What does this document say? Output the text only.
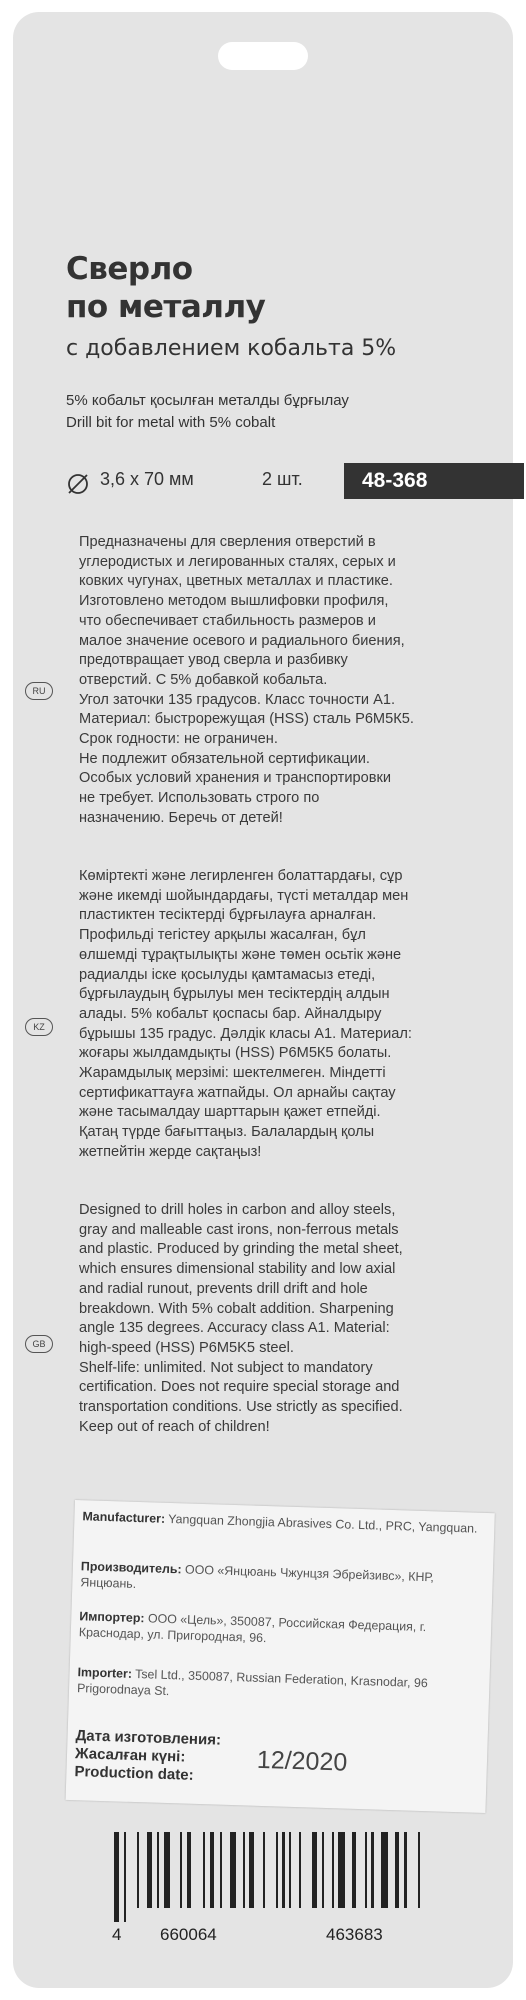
Сверло
по металлу
с добавлением кобальта 5%
5% кобальт қосылған металды бұрғылау
Drill bit for metal with 5% cobalt
3,6 х 70 мм	2 шт.	48-368

Предназначены для сверления отверстий в
углеродистых и легированных сталях, серых и
ковких чугунах, цветных металлах и пластике.
Изготовлено методом вышлифовки профиля,
что обеспечивает стабильность размеров и
малое значение осевого и радиального биения,
предотвращает увод сверла и разбивку
отверстий. С 5% добавкой кобальта.
Угол заточки 135 градусов. Класс точности А1.
Материал: быстрорежущая (HSS) сталь Р6М5К5.
Срок годности: не ограничен.
Не подлежит обязательной сертификации.
Особых условий хранения и транспортировки
не требует. Использовать строго по
назначению. Беречь от детей!

RU

Көміртекті және легирленген болаттардағы, сұр
және икемді шойындардағы, түсті металдар мен
пластиктен тесіктерді бұрғылауға арналған.
Профильді тегістеу арқылы жасалған, бұл
өлшемді тұрақтылықты және төмен осьтік және
радиалды іске қосылуды қамтамасыз етеді,
бұрғылаудың бұрылуы мен тесіктердің алдын
алады. 5% кобальт қоспасы бар. Айналдыру
бұрышы 135 градус. Дәлдік класы А1. Материал:
жоғары жылдамдықты (HSS) Р6М5К5 болаты.
Жарамдылық мерзімі: шектелмеген. Міндетті
сертификаттауға жатпайды. Ол арнайы сақтау
және тасымалдау шарттарын қажет етпейді.
Қатаң түрде бағыттаңыз. Балалардың қолы
жетпейтін жерде сақтаңыз!

KZ

Designed to drill holes in carbon and alloy steels,
gray and malleable cast irons, non-ferrous metals
and plastic. Produced by grinding the metal sheet,
which ensures dimensional stability and low axial
and radial runout, prevents drill drift and hole
breakdown. With 5% cobalt addition. Sharpening
angle 135 degrees. Accuracy class A1. Material:
high-speed (HSS) P6M5K5 steel.
Shelf-life: unlimited. Not subject to mandatory
certification. Does not require special storage and
transportation conditions. Use strictly as specified.
Keep out of reach of children!

GB
Manufacturer: Yangquan Zhongjia Abrasives Co. Ltd., PRC, Yangquan.
Производитель: ООО «Янцюань Чжунцзя Эбрейзивс», КНР, Янцюань.
Импортер: ООО «Цель», 350087, Российская Федерация, г. Краснодар, ул. Пригородная, 96.
Importer: Tsel Ltd., 350087, Russian Federation, Krasnodar, 96 Prigorodnaya St.
Дата изготовления:
Жасалған күні:
Production date:	12/2020
4 660064	463683
